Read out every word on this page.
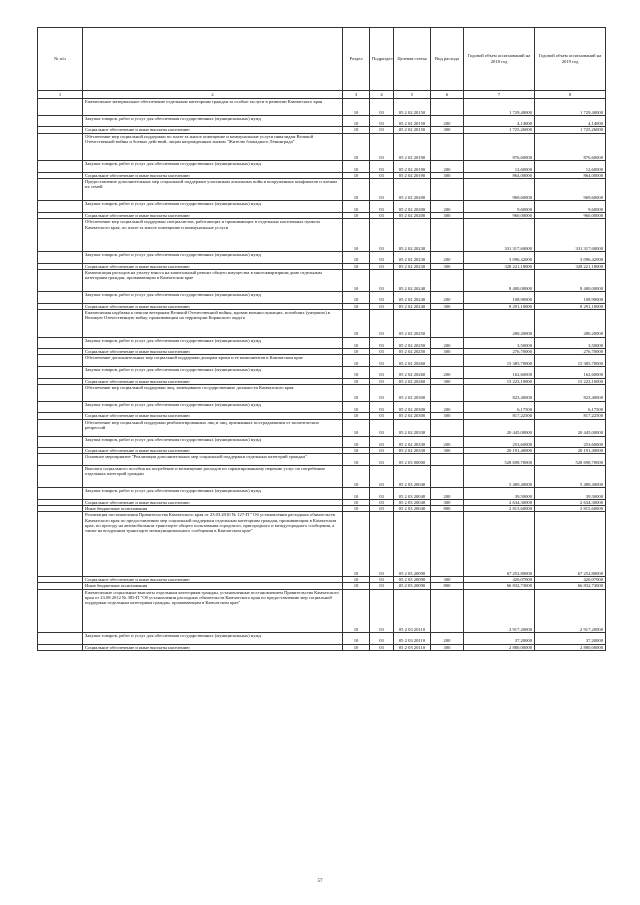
№ п/п		Раздел	Подраздел	Целевая статья	Вид расхода	Годовой объем ассигнований на 2018 год	Годовой объем ассигнований на 2019 год
1	2	3	4	5	6	7	8
	Ежемесячное материальное обеспечение отдельным категориям граждан за особые заслуги в развитии Камчатского края	10	03	05 2 02 20150		1 729,40000	1 729,40000
	Закупка товаров, работ и услуг для обеспечения государственных (муниципальных) нужд	10	03	05 2 02 20150	200	4,14000	4,14000
	Социальное обеспечение и иные выплаты населению	10	03	05 2 02 20150	300	1 725,26000	1 725,26000
	Обеспечение мер социальной поддержки по плате за жилое помещение и коммунальные услуги инвалидам Великой Отечественной войны и боевых действий, лицам награжденным знаком "Жителю блокадного Ленинграда"	10	03	05 2 02 20190		876,60000	876,60000
	Закупка товаров, работ и услуг для обеспечения государственных (муниципальных) нужд	10	03	05 2 02 20190	200	12,60000	12,60000
	Социальное обеспечение и иные выплаты населению	10	03	05 2 02 20190	300	864,00000	864,00000
	Предоставление дополнительных мер социальной поддержки участникам локальных войн и вооруженных конфликтов и членам их семей	10	03	05 2 02 20200		969,60000	969,60000
	Закупка товаров, работ и услуг для обеспечения государственных (муниципальных) нужд	10	03	05 2 02 20200	200	9,60000	9,60000
	Социальное обеспечение и иные выплаты населению	10	03	05 2 02 20200	300	960,00000	960,00000
	Обеспечение мер социальной поддержки специалистов, работающих и проживающих в отдельных населенных пунктах Камчатского края, по плате за жилое помещение и коммунальные услуги	10	03	05 2 02 20230		331 317,60000	331 317,60000
	Закупка товаров, работ и услуг для обеспечения государственных (муниципальных) нужд	10	03	05 2 02 20230	200	3 096,42000	3 096,42000
	Социальное обеспечение и иные выплаты населению	10	03	05 2 02 20230	300	328 221,18000	328 221,18000
	Компенсация расходов на уплату взноса на капитальный ремонт общего имущества в многоквартирном доме отдельным категориям граждан, проживающим в Камчатском крае	10	03	05 2 02 20240		8 400,00000	8 400,00000
	Закупка товаров, работ и услуг для обеспечения государственных (муниципальных) нужд	10	03	05 2 02 20240	200	108,90000	108,90000
	Социальное обеспечение и иные выплаты населению	10	03	05 2 02 20240	300	8 291,10000	8 291,10000
	Ежемесячная надбавка к пенсии ветеранам Великой Отечественной войны, вдовам военнослужащих, погибших (умерших) в Великую Отечественную войну, проживающим на территории Корякского округа	10	03	05 2 02 20250		280,20000	280,20000
	Закупка товаров, работ и услуг для обеспечения государственных (муниципальных) нужд	10	03	05 2 02 20250	200	3,50000	3,50000
	Социальное обеспечение и иные выплаты населению	10	03	05 2 02 20250	300	276,70000	276,70000
	Обеспечение дополнительных мер социальной поддержки донорам крови и ее компонентов в Камчатском крае	10	03	05 2 02 20260		15 385,70000	15 385,70000
	Закупка товаров, работ и услуг для обеспечения государственных (муниципальных) нужд	10	03	05 2 02 20260	200	162,60000	162,60000
	Социальное обеспечение и иные выплаты населению	10	03	05 2 02 20260	300	15 223,10000	15 223,10000
	Обеспечение мер социальной поддержки лиц, замещавших государственные должности Камчатского края	10	03	05 2 02 20300		823,40000	823,40000
	Закупка товаров, работ и услуг для обеспечения государственных (муниципальных) нужд	10	03	05 2 02 20300	200	6,17500	6,17500
	Социальное обеспечение и иные выплаты населению	10	03	05 2 02 20300	300	817,22500	817,22500
	Обеспечение мер социальной поддержки реабилитированных лиц и лиц, признанных пострадавшими от политических репрессий	10	03	05 2 02 20330		20 445,00000	20 445,00000
	Закупка товаров, работ и услуг для обеспечения государственных (муниципальных) нужд	10	03	05 2 02 20330	200	253,60000	253,60000
	Социальное обеспечение и иные выплаты населению	10	03	05 2 02 20330	300	20 191,40000	20 191,40000
	Основное мероприятие "Реализация дополнительных мер социальной поддержки отдельных категорий граждан"	10	03	05 2 03 00000		528 698,70000	528 698,70000
	Выплата социального пособия на погребение и возмещение расходов по гарантированному перечню услуг по погребению отдельных категорий граждан	10	03	05 2 03 20040		5 489,40000	5 489,40000
	Закупка товаров, работ и услуг для обеспечения государственных (муниципальных) нужд	10	03	05 2 03 20040	200	39,50000	39,50000
	Социальное обеспечение и иные выплаты населению	10	03	05 2 03 20040	300	2 634,30000	2 634,30000
	Иные бюджетные ассигнования	10	03	05 2 03 20040	800	2 815,60000	2 815,60000
	Реализация постановления Правительства Камчатского края от 23.03.2010 № 127-П " Об установлении расходных обязательств Камчатского края по предоставлению мер социальной поддержки отдельным категориям граждан, проживающим в Камчатском крае, по проезду на автомобильном транспорте общего пользования городского, пригородного и междугородного сообщения, а также на воздушном транспорте межмуниципального сообщения в Камчатском крае"	10	03	05 2 03 20090		67 252,80000	67 252,80000
	Социальное обеспечение и иные выплаты населению	10	03	05 2 03 20090	300	420,07000	420,07000
	Иные бюджетные ассигнования	10	03	05 2 03 20090	800	66 832,73000	66 832,73000
	Ежемесячные социальные выплаты отдельным категориям граждан, установленные постановлением Правительства Камчатского края от 23.08.2012 № 385-П "Об установлении расходных обязательств Камчатского края по предоставлению мер социальной поддержки отдельным категориям граждан, проживающим в Камчатском крае"	10	03	05 2 03 20110		2 917,20000	2 917,20000
	Закупка товаров, работ и услуг для обеспечения государственных (муниципальных) нужд	10	03	05 2 03 20110	200	37,20000	37,20000
	Социальное обеспечение и иные выплаты населению	10	03	05 2 03 20110	300	2 880,00000	2 880,00000
57
